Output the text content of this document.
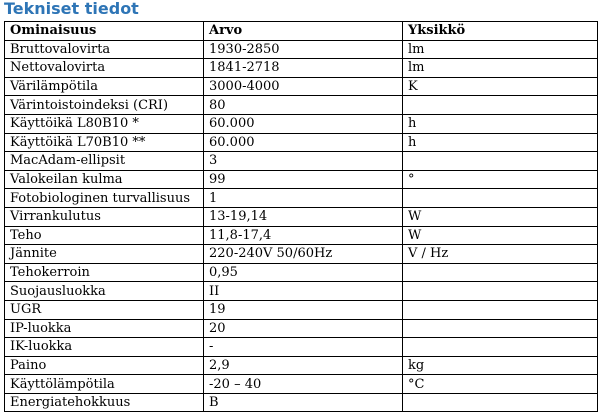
Tekniset tiedot
Ominaisuus	Arvo	Yksikkö
Bruttovalovirta	1930-2850	lm
Nettovalovirta	1841-2718	lm
Värilämpötila	3000-4000	K
Värintoistoindeksi (CRI)	80	
Käyttöikä L80B10 *	60.000	h
Käyttöikä L70B10 **	60.000	h
MacAdam-ellipsit	3	
Valokeilan kulma	99	°
Fotobiologinen turvallisuus	1	
Virrankulutus	13-19,14	W
Teho	11,8-17,4	W
Jännite	220-240V 50/60Hz	V / Hz
Tehokerroin	0,95	
Suojausluokka	II	
UGR	19	
IP-luokka	20	
IK-luokka	-	
Paino	2,9	kg
Käyttölämpötila	-20 – 40	°C
Energiatehokkuus	B	
